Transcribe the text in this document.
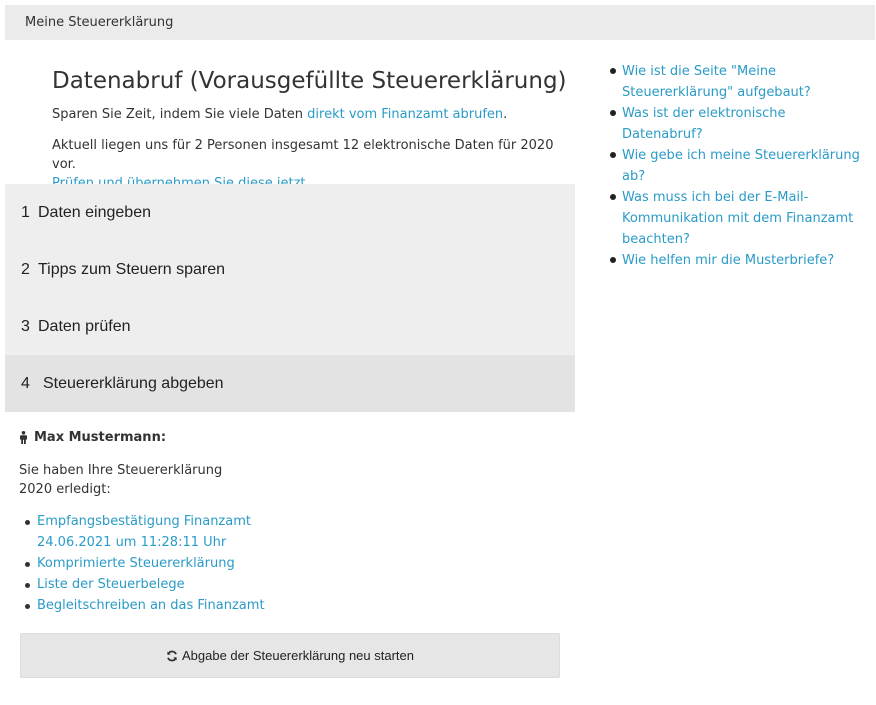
Meine Steuererklärung
Datenabruf (Vorausgefüllte Steuererklärung)
Sparen Sie Zeit, indem Sie viele Daten direkt vom Finanzamt abrufen.
Aktuell liegen uns für 2 Personen insgesamt 12 elektronische Daten für 2020 vor.

1 Daten eingeben
2 Tipps zum Steuern sparen
3 Daten prüfen
4 Steuererklärung abgeben
Max Mustermann:
Sie haben Ihre Steuererklärung 2020 erledigt:
Empfangsbestätigung Finanzamt
24.06.2021 um 11:28:11 Uhr
Komprimierte Steuererklärung
Liste der Steuerbelege
Begleitschreiben an das Finanzamt
Abgabe der Steuererklärung neu starten
Wie ist die Seite "Meine Steuererklärung" aufgebaut?
Was ist der elektronische Datenabruf?
Wie gebe ich meine Steuererklärung ab?
Was muss ich bei der E-Mail-Kommunikation mit dem Finanzamt beachten?
Wie helfen mir die Musterbriefe?
